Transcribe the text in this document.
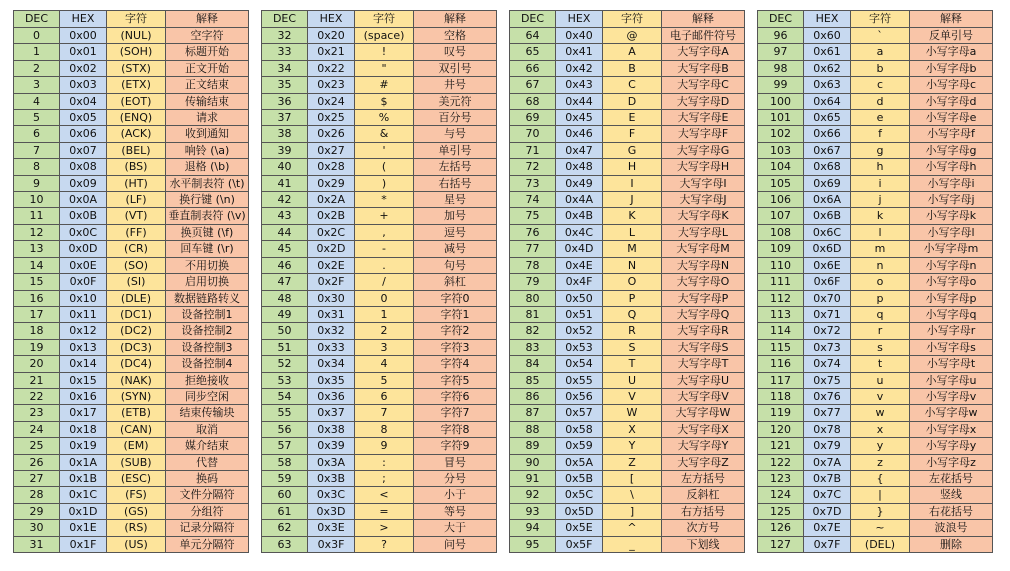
DEC	HEX	字符	解释
0	0x00	(NUL)	空字符
1	0x01	(SOH)	标题开始
2	0x02	(STX)	正文开始
3	0x03	(ETX)	正文结束
4	0x04	(EOT)	传输结束
5	0x05	(ENQ)	请求
6	0x06	(ACK)	收到通知
7	0x07	(BEL)	响铃 (\a)
8	0x08	(BS)	退格 (\b)
9	0x09	(HT)	水平制表符 (\t)
10	0x0A	(LF)	换行键 (\n)
11	0x0B	(VT)	垂直制表符 (\v)
12	0x0C	(FF)	换页键 (\f)
13	0x0D	(CR)	回车键 (\r)
14	0x0E	(SO)	不用切换
15	0x0F	(SI)	启用切换
16	0x10	(DLE)	数据链路转义
17	0x11	(DC1)	设备控制1
18	0x12	(DC2)	设备控制2
19	0x13	(DC3)	设备控制3
20	0x14	(DC4)	设备控制4
21	0x15	(NAK)	拒绝接收
22	0x16	(SYN)	同步空闲
23	0x17	(ETB)	结束传输块
24	0x18	(CAN)	取消
25	0x19	(EM)	媒介结束
26	0x1A	(SUB)	代替
27	0x1B	(ESC)	换码
28	0x1C	(FS)	文件分隔符
29	0x1D	(GS)	分组符
30	0x1E	(RS)	记录分隔符
31	0x1F	(US)	单元分隔符
DEC	HEX	字符	解释
32	0x20	(space)	空格
33	0x21	!	叹号
34	0x22	"	双引号
35	0x23	#	井号
36	0x24	$	美元符
37	0x25	%	百分号
38	0x26	&	与号
39	0x27	'	单引号
40	0x28	(	左括号
41	0x29	)	右括号
42	0x2A	*	星号
43	0x2B	+	加号
44	0x2C	,	逗号
45	0x2D	-	减号
46	0x2E	.	句号
47	0x2F	/	斜杠
48	0x30	0	字符0
49	0x31	1	字符1
50	0x32	2	字符2
51	0x33	3	字符3
52	0x34	4	字符4
53	0x35	5	字符5
54	0x36	6	字符6
55	0x37	7	字符7
56	0x38	8	字符8
57	0x39	9	字符9
58	0x3A	:	冒号
59	0x3B	;	分号
60	0x3C	<	小于
61	0x3D	=	等号
62	0x3E	>	大于
63	0x3F	?	问号
DEC	HEX	字符	解释
64	0x40	@	电子邮件符号
65	0x41	A	大写字母A
66	0x42	B	大写字母B
67	0x43	C	大写字母C
68	0x44	D	大写字母D
69	0x45	E	大写字母E
70	0x46	F	大写字母F
71	0x47	G	大写字母G
72	0x48	H	大写字母H
73	0x49	I	大写字母I
74	0x4A	J	大写字母J
75	0x4B	K	大写字母K
76	0x4C	L	大写字母L
77	0x4D	M	大写字母M
78	0x4E	N	大写字母N
79	0x4F	O	大写字母O
80	0x50	P	大写字母P
81	0x51	Q	大写字母Q
82	0x52	R	大写字母R
83	0x53	S	大写字母S
84	0x54	T	大写字母T
85	0x55	U	大写字母U
86	0x56	V	大写字母V
87	0x57	W	大写字母W
88	0x58	X	大写字母X
89	0x59	Y	大写字母Y
90	0x5A	Z	大写字母Z
91	0x5B	[	左方括号
92	0x5C	\	反斜杠
93	0x5D	]	右方括号
94	0x5E	^	次方号
95	0x5F	_	下划线
DEC	HEX	字符	解释
96	0x60	`	反单引号
97	0x61	a	小写字母a
98	0x62	b	小写字母b
99	0x63	c	小写字母c
100	0x64	d	小写字母d
101	0x65	e	小写字母e
102	0x66	f	小写字母f
103	0x67	g	小写字母g
104	0x68	h	小写字母h
105	0x69	i	小写字母i
106	0x6A	j	小写字母j
107	0x6B	k	小写字母k
108	0x6C	l	小写字母l
109	0x6D	m	小写字母m
110	0x6E	n	小写字母n
111	0x6F	o	小写字母o
112	0x70	p	小写字母p
113	0x71	q	小写字母q
114	0x72	r	小写字母r
115	0x73	s	小写字母s
116	0x74	t	小写字母t
117	0x75	u	小写字母u
118	0x76	v	小写字母v
119	0x77	w	小写字母w
120	0x78	x	小写字母x
121	0x79	y	小写字母y
122	0x7A	z	小写字母z
123	0x7B	{	左花括号
124	0x7C	|	竖线
125	0x7D	}	右花括号
126	0x7E	~	波浪号
127	0x7F	(DEL)	删除
